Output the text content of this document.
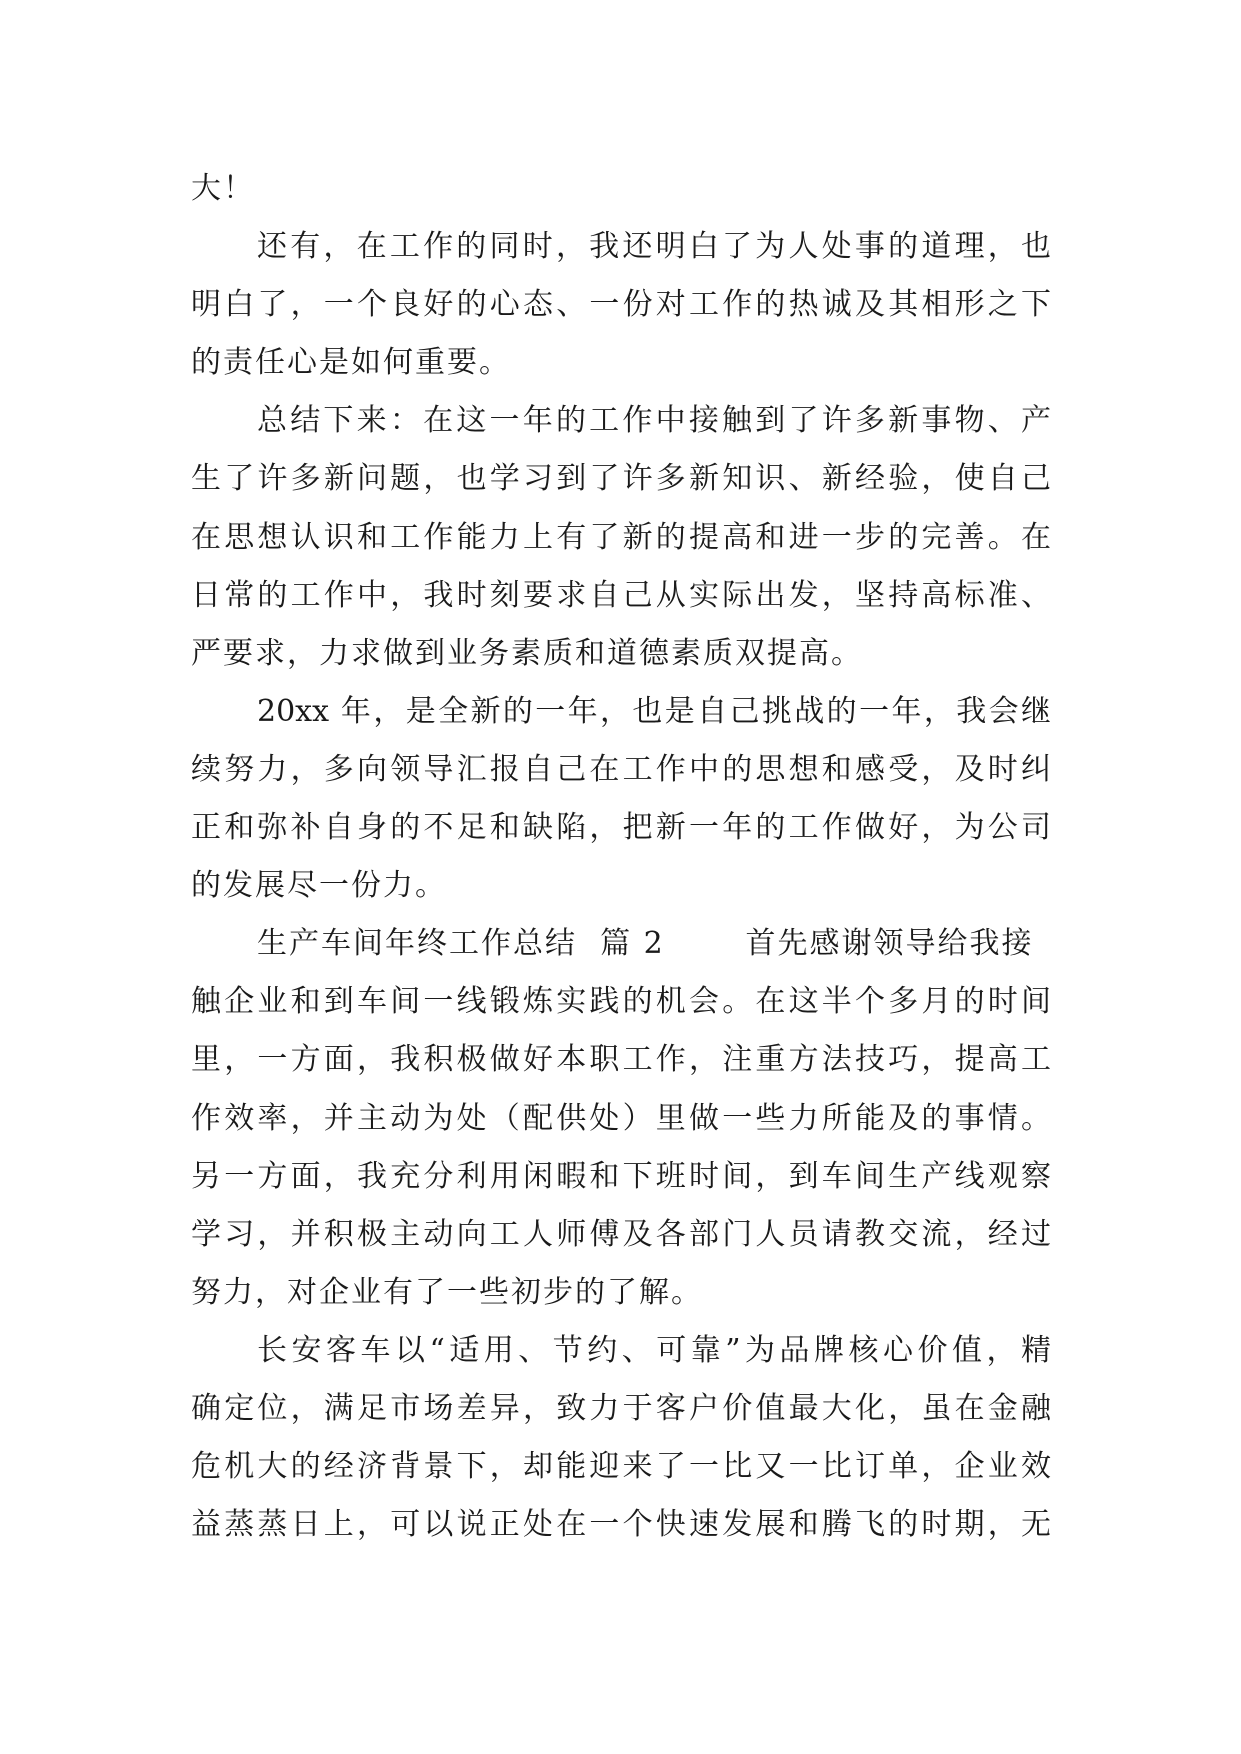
大！
还有，在工作的同时，我还明白了为人处事的道理，也
明白了，一个良好的心态、一份对工作的热诚及其相形之下
的责任心是如何重要。
总结下来：在这一年的工作中接触到了许多新事物、产
生了许多新问题，也学习到了许多新知识、新经验，使自己
在思想认识和工作能力上有了新的提高和进一步的完善。在
日常的工作中，我时刻要求自己从实际出发，坚持高标准、
严要求，力求做到业务素质和道德素质双提高。
20xx 年，是全新的一年，也是自己挑战的一年，我会继
续努力，多向领导汇报自己在工作中的思想和感受，及时纠
正和弥补自身的不足和缺陷，把新一年的工作做好，为公司
的发展尽一份力。
生产车间年终工作总结  篇 2       首先感谢领导给我接
触企业和到车间一线锻炼实践的机会。在这半个多月的时间
里，一方面，我积极做好本职工作，注重方法技巧，提高工
作效率，并主动为处（配供处）里做一些力所能及的事情。
另一方面，我充分利用闲暇和下班时间，到车间生产线观察
学习，并积极主动向工人师傅及各部门人员请教交流，经过
努力，对企业有了一些初步的了解。
长安客车以“适用、节约、可靠”为品牌核心价值，精
确定位，满足市场差异，致力于客户价值最大化，虽在金融
危机大的经济背景下，却能迎来了一比又一比订单，企业效
益蒸蒸日上，可以说正处在一个快速发展和腾飞的时期，无
